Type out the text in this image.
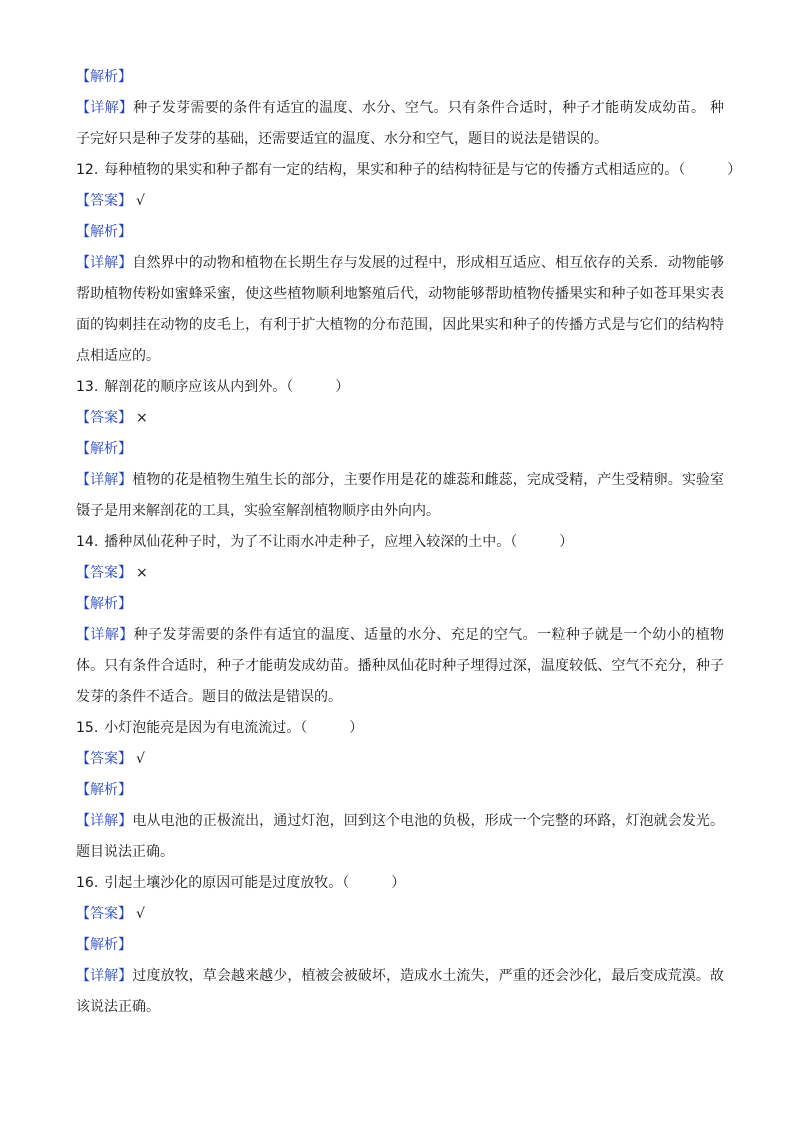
【解析】
【详解】种子发芽需要的条件有适宜的温度、水分、空气。只有条件合适时，种子才能萌发成幼苗。 种子完好只是种子发芽的基础，还需要适宜的温度、水分和空气，题目的说法是错误的。
12. 每种植物的果实和种子都有一定的结构，果实和种子的结构特征是与它的传播方式相适应的。（　　　）
【答案】 √
【解析】
【详解】自然界中的动物和植物在长期生存与发展的过程中，形成相互适应、相互依存的关系．动物能够帮助植物传粉如蜜蜂采蜜，使这些植物顺利地繁殖后代，动物能够帮助植物传播果实和种子如苍耳果实表面的钩刺挂在动物的皮毛上，有利于扩大植物的分布范围，因此果实和种子的传播方式是与它们的结构特点相适应的。
13. 解剖花的顺序应该从内到外。（　　　）
【答案】 ×
【解析】
【详解】植物的花是植物生殖生长的部分，主要作用是花的雄蕊和雌蕊，完成受精，产生受精卵。实验室镊子是用来解剖花的工具，实验室解剖植物顺序由外向内。
14. 播种凤仙花种子时，为了不让雨水冲走种子，应埋入较深的土中。（　　　）
【答案】 ×
【解析】
【详解】种子发芽需要的条件有适宜的温度、适量的水分、充足的空气。一粒种子就是一个幼小的植物体。只有条件合适时，种子才能萌发成幼苗。播种凤仙花时种子埋得过深，温度较低、空气不充分，种子发芽的条件不适合。题目的做法是错误的。
15. 小灯泡能亮是因为有电流流过。（　　　）
【答案】 √
【解析】
【详解】电从电池的正极流出，通过灯泡，回到这个电池的负极，形成一个完整的环路，灯泡就会发光。题目说法正确。
16. 引起土壤沙化的原因可能是过度放牧。（　　　）
【答案】 √
【解析】
【详解】过度放牧，草会越来越少，植被会被破坏，造成水土流失，严重的还会沙化，最后变成荒漠。故该说法正确。
